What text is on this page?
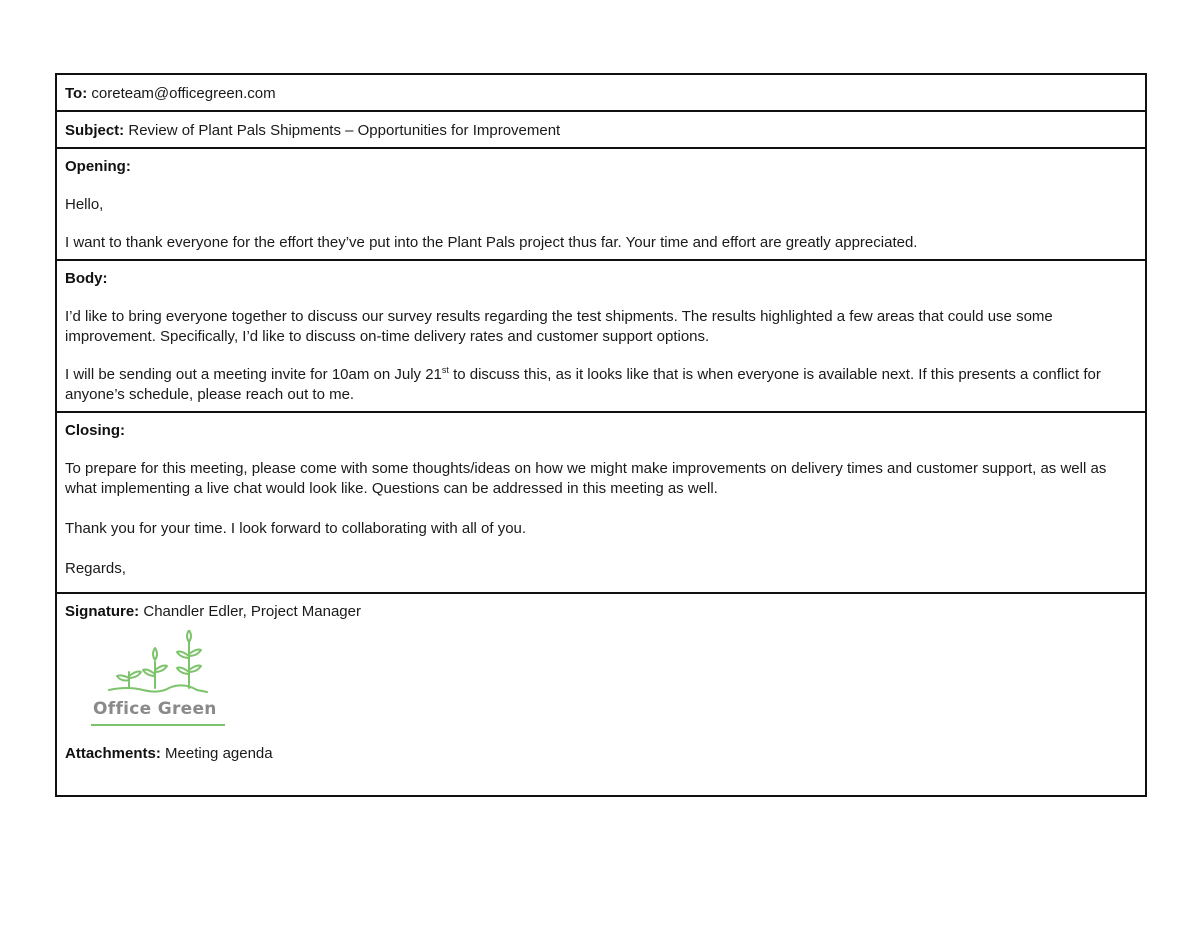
To: coreteam@officegreen.com

Subject: Review of Plant Pals Shipments – Opportunities for Improvement

Opening:

Hello,

I want to thank everyone for the effort they’ve put into the Plant Pals project thus far. Your time and effort are greatly appreciated.

Body:

I’d like to bring everyone together to discuss our survey results regarding the test shipments. The results highlighted a few areas that could use some improvement. Specifically, I’d like to discuss on-time delivery rates and customer support options.

I will be sending out a meeting invite for 10am on July 21st to discuss this, as it looks like that is when everyone is available next. If this presents a conflict for anyone’s schedule, please reach out to me.

Closing:

To prepare for this meeting, please come with some thoughts/ideas on how we might make improvements on delivery times and customer support, as well as what implementing a live chat would look like. Questions can be addressed in this meeting as well.

Thank you for your time. I look forward to collaborating with all of you.

Regards,

Signature: Chandler Edler, Project Manager
Office Green
Attachments: Meeting agenda
